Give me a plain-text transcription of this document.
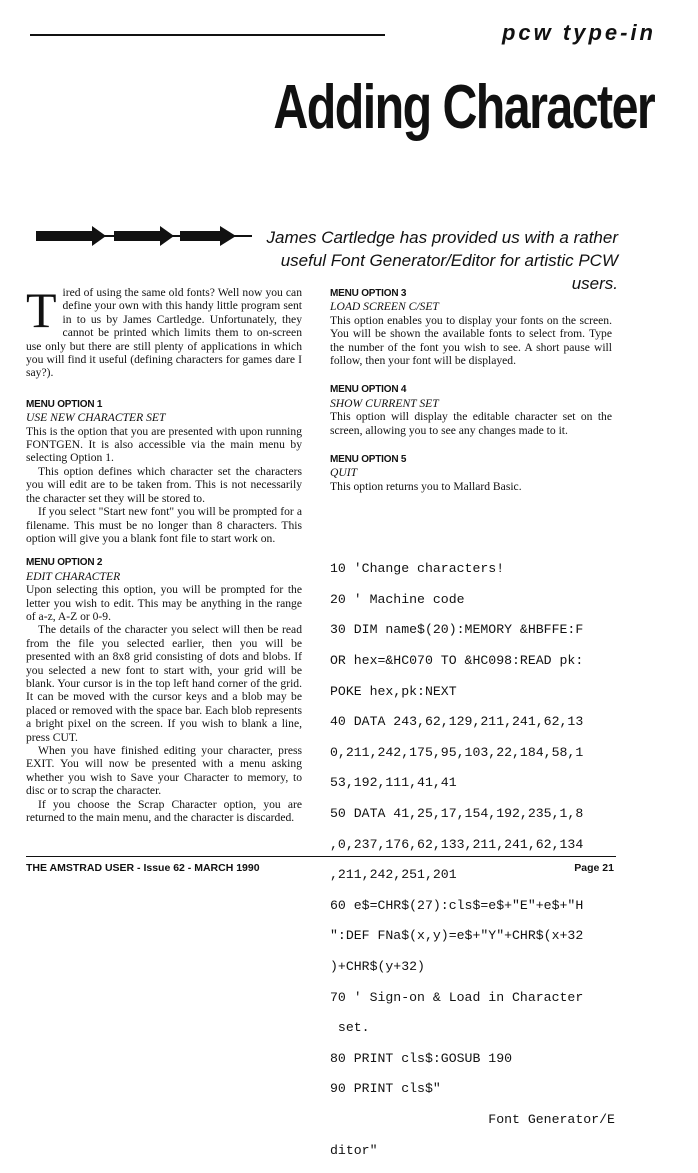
pcw type-in
Adding Character
James Cartledge has provided us with a rather useful Font Generator/Editor for artistic PCW users.
T ired of using the same old fonts? Well now you can define your own with this handy little program sent in to us by James Cartledge. Unfortunately, they cannot be printed which limits them to on-screen use only but there are still plenty of applications in which you will find it useful (defining characters for games dare I say?).

MENU OPTION 1
USE NEW CHARACTER SET

This is the option that you are presented with upon running FONTGEN. It is also accessible via the main menu by selecting Option 1.

This option defines which character set the characters you will edit are to be taken from. This is not necessarily the character set they will be stored to.

If you select "Start new font" you will be prompted for a filename. This must be no longer than 8 characters. This option will give you a blank font file to start work on.

MENU OPTION 2
EDIT CHARACTER

Upon selecting this option, you will be prompted for the letter you wish to edit. This may be anything in the range of a-z, A-Z or 0-9.

The details of the character you select will then be read from the file you selected earlier, then you will be presented with an 8x8 grid consisting of dots and blobs. If you selected a new font to start with, your grid will be blank. Your cursor is in the top left hand corner of the grid. It can be moved with the cursor keys and a blob may be placed or removed with the space bar. Each blob represents a bright pixel on the screen. If you wish to blank a line, press CUT.

When you have finished editing your character, press EXIT. You will now be presented with a menu asking whether you wish to Save your Character to memory, to disc or to scrap the character.

If you choose the Scrap Character option, you are returned to the main menu, and the character is discarded.

MENU OPTION 3
LOAD SCREEN C/SET

This option enables you to display your fonts on the screen. You will be shown the available fonts to select from. Type the number of the font you wish to see. A short pause will follow, then your font will be displayed.

MENU OPTION 4
SHOW CURRENT SET

This option will display the editable character set on the screen, allowing you to see any changes made to it.

MENU OPTION 5
QUIT

This option returns you to Mallard Basic.

10 'Change characters!

20 ' Machine code

30 DIM name$(20):MEMORY &HBFFE:F

OR hex=&HC070 TO &HC098:READ pk:

POKE hex,pk:NEXT

40 DATA 243,62,129,211,241,62,13

0,211,242,175,95,103,22,184,58,1

53,192,111,41,41

50 DATA 41,25,17,154,192,235,1,8

,0,237,176,62,133,211,241,62,134

,211,242,251,201

60 e$=CHR$(27):cls$=e$+"E"+e$+"H

":DEF FNa$(x,y)=e$+"Y"+CHR$(x+32

)+CHR$(y+32)

70 ' Sign-on & Load in Character

set.

80 PRINT cls$:GOSUB 190

90 PRINT cls$"

Font Generator/E

ditor"

THE AMSTRAD USER - Issue 62 - MARCH 1990	Page 21
